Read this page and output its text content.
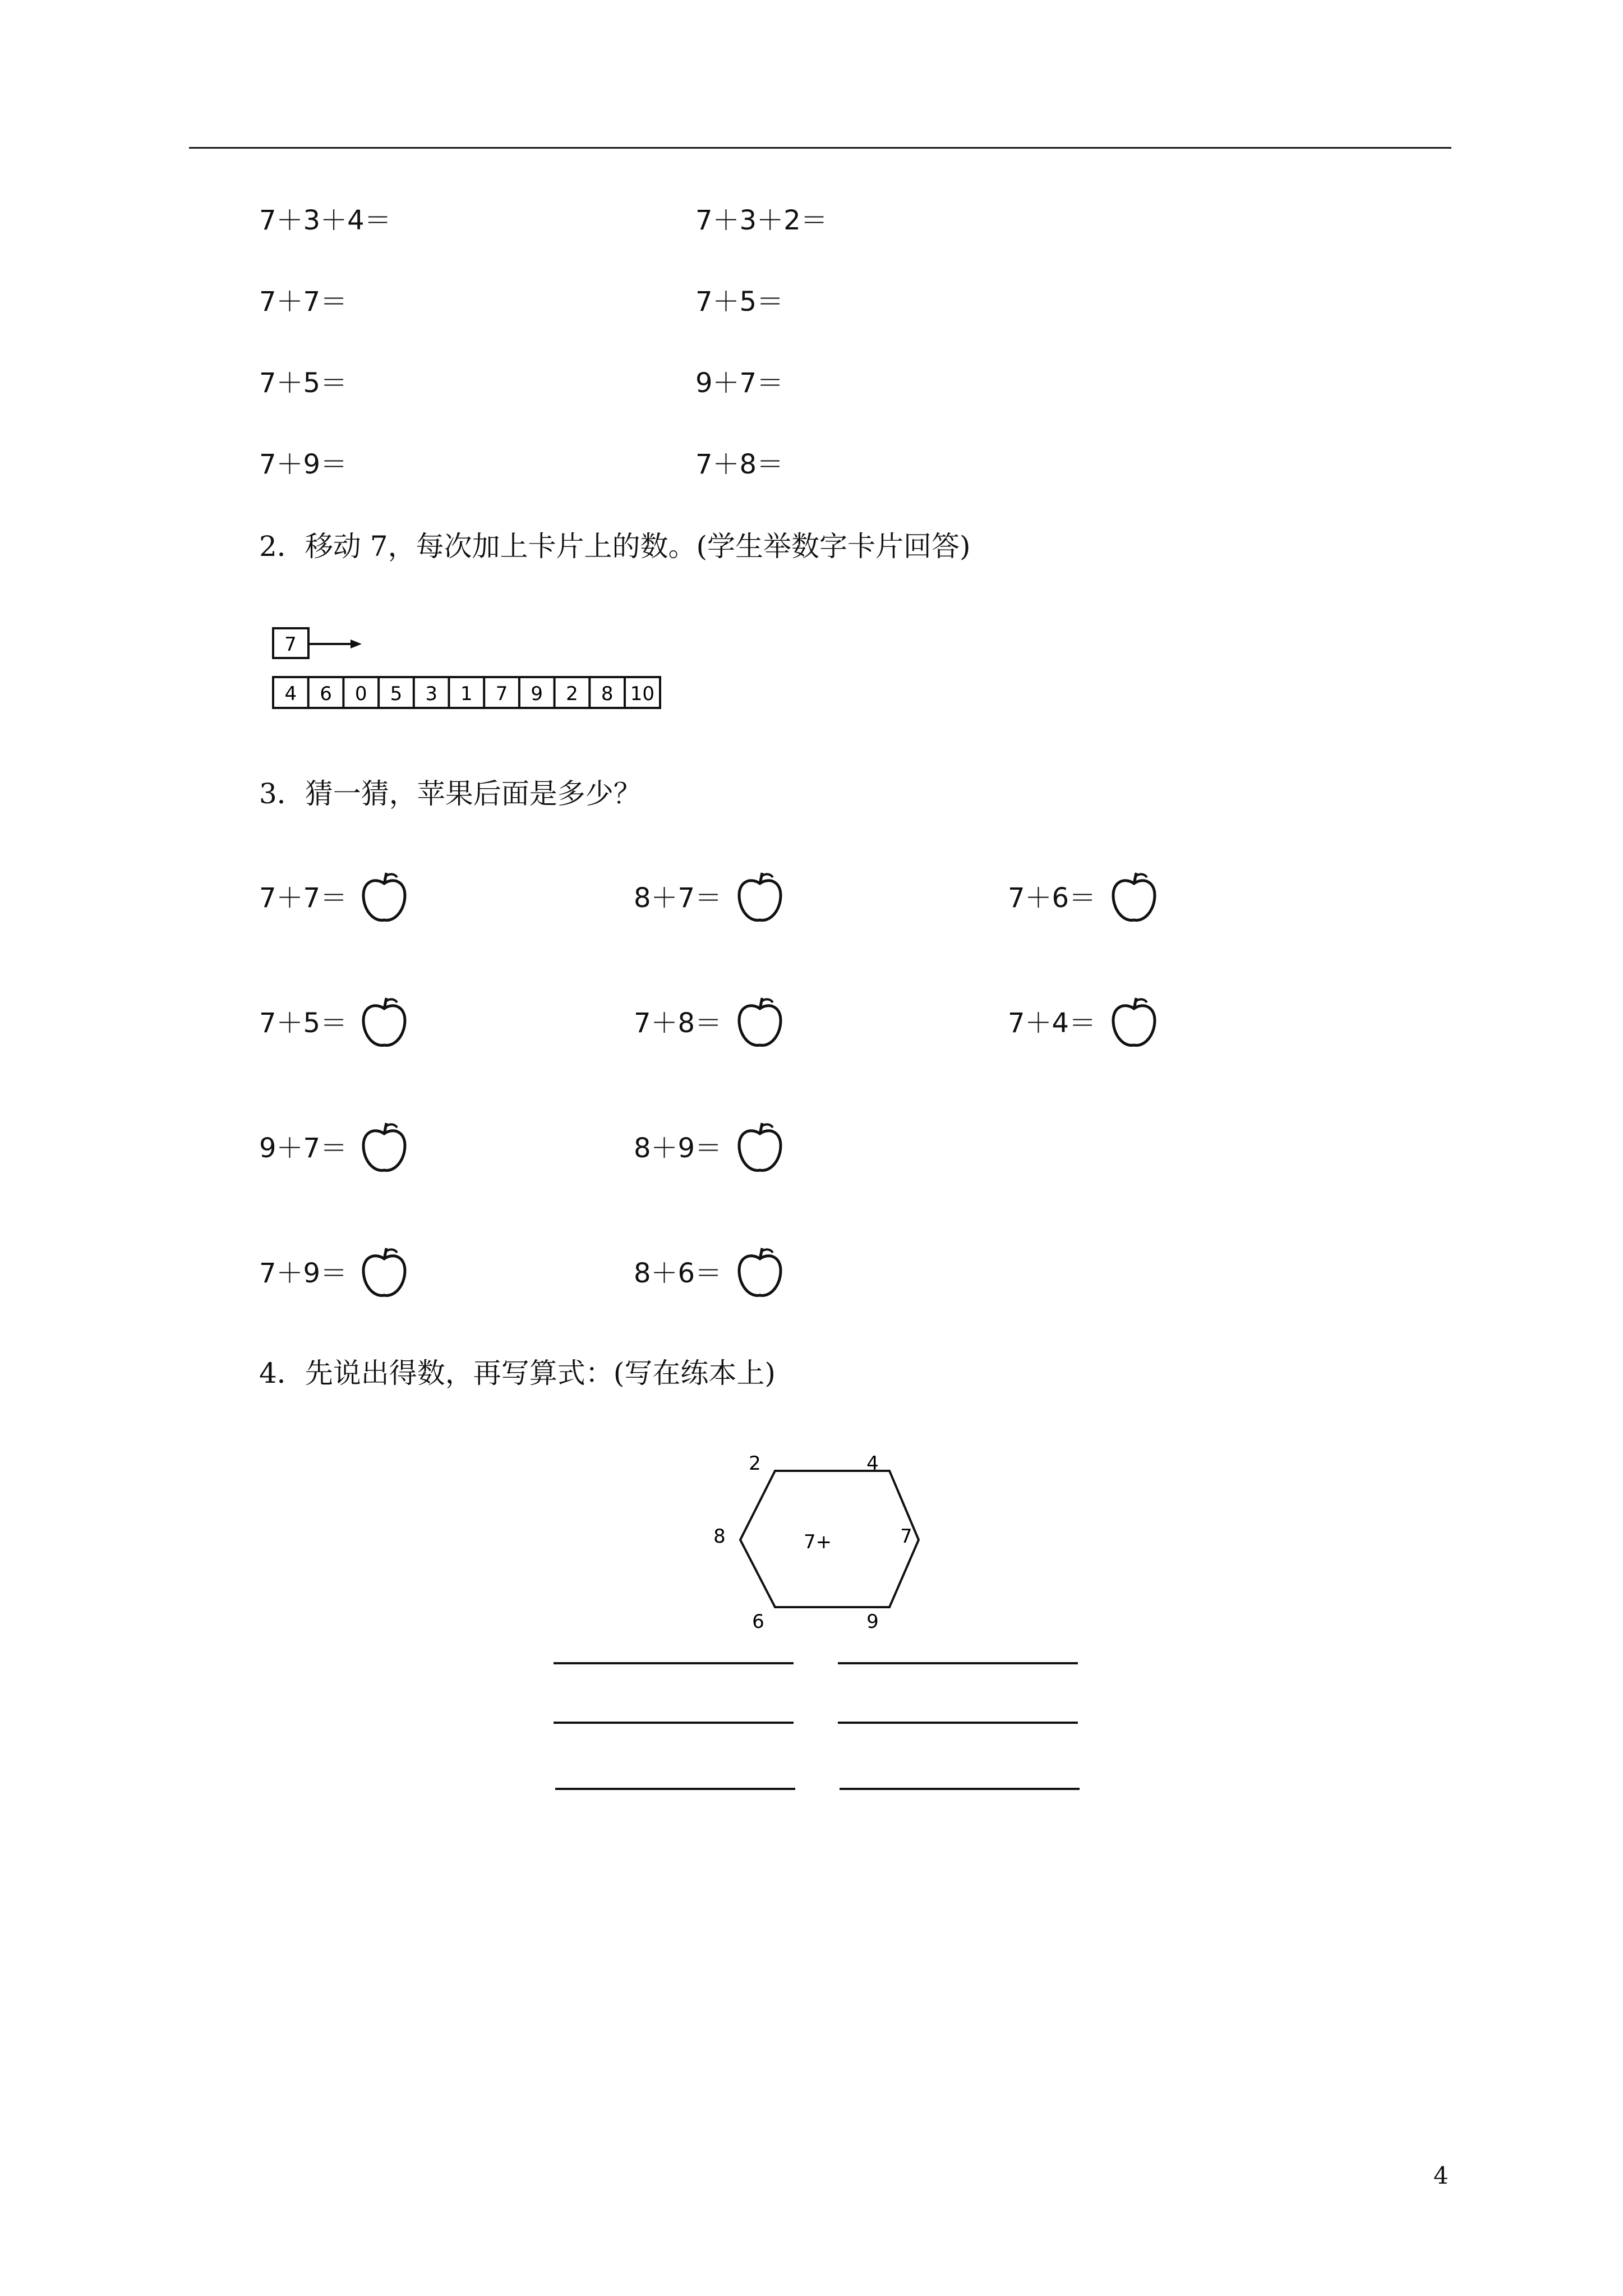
7＋3＋4＝	7＋3＋2＝
7＋7＝	7＋5＝
7＋5＝	9＋7＝
7＋9＝	7＋8＝
2．移动 7，每次加上卡片上的数。(学生举数字卡片回答)
7
4 6 0 5 3 1 7 9 2 8 10
3．猜一猜，苹果后面是多少？
7＋7＝	8＋7＝	7＋6＝
7＋5＝	7＋8＝	7＋4＝
9＋7＝	8＋9＝
7＋9＝	8＋6＝
4．先说出得数，再写算式：(写在练本上)
7+
2	4
7
9
6
8
4
